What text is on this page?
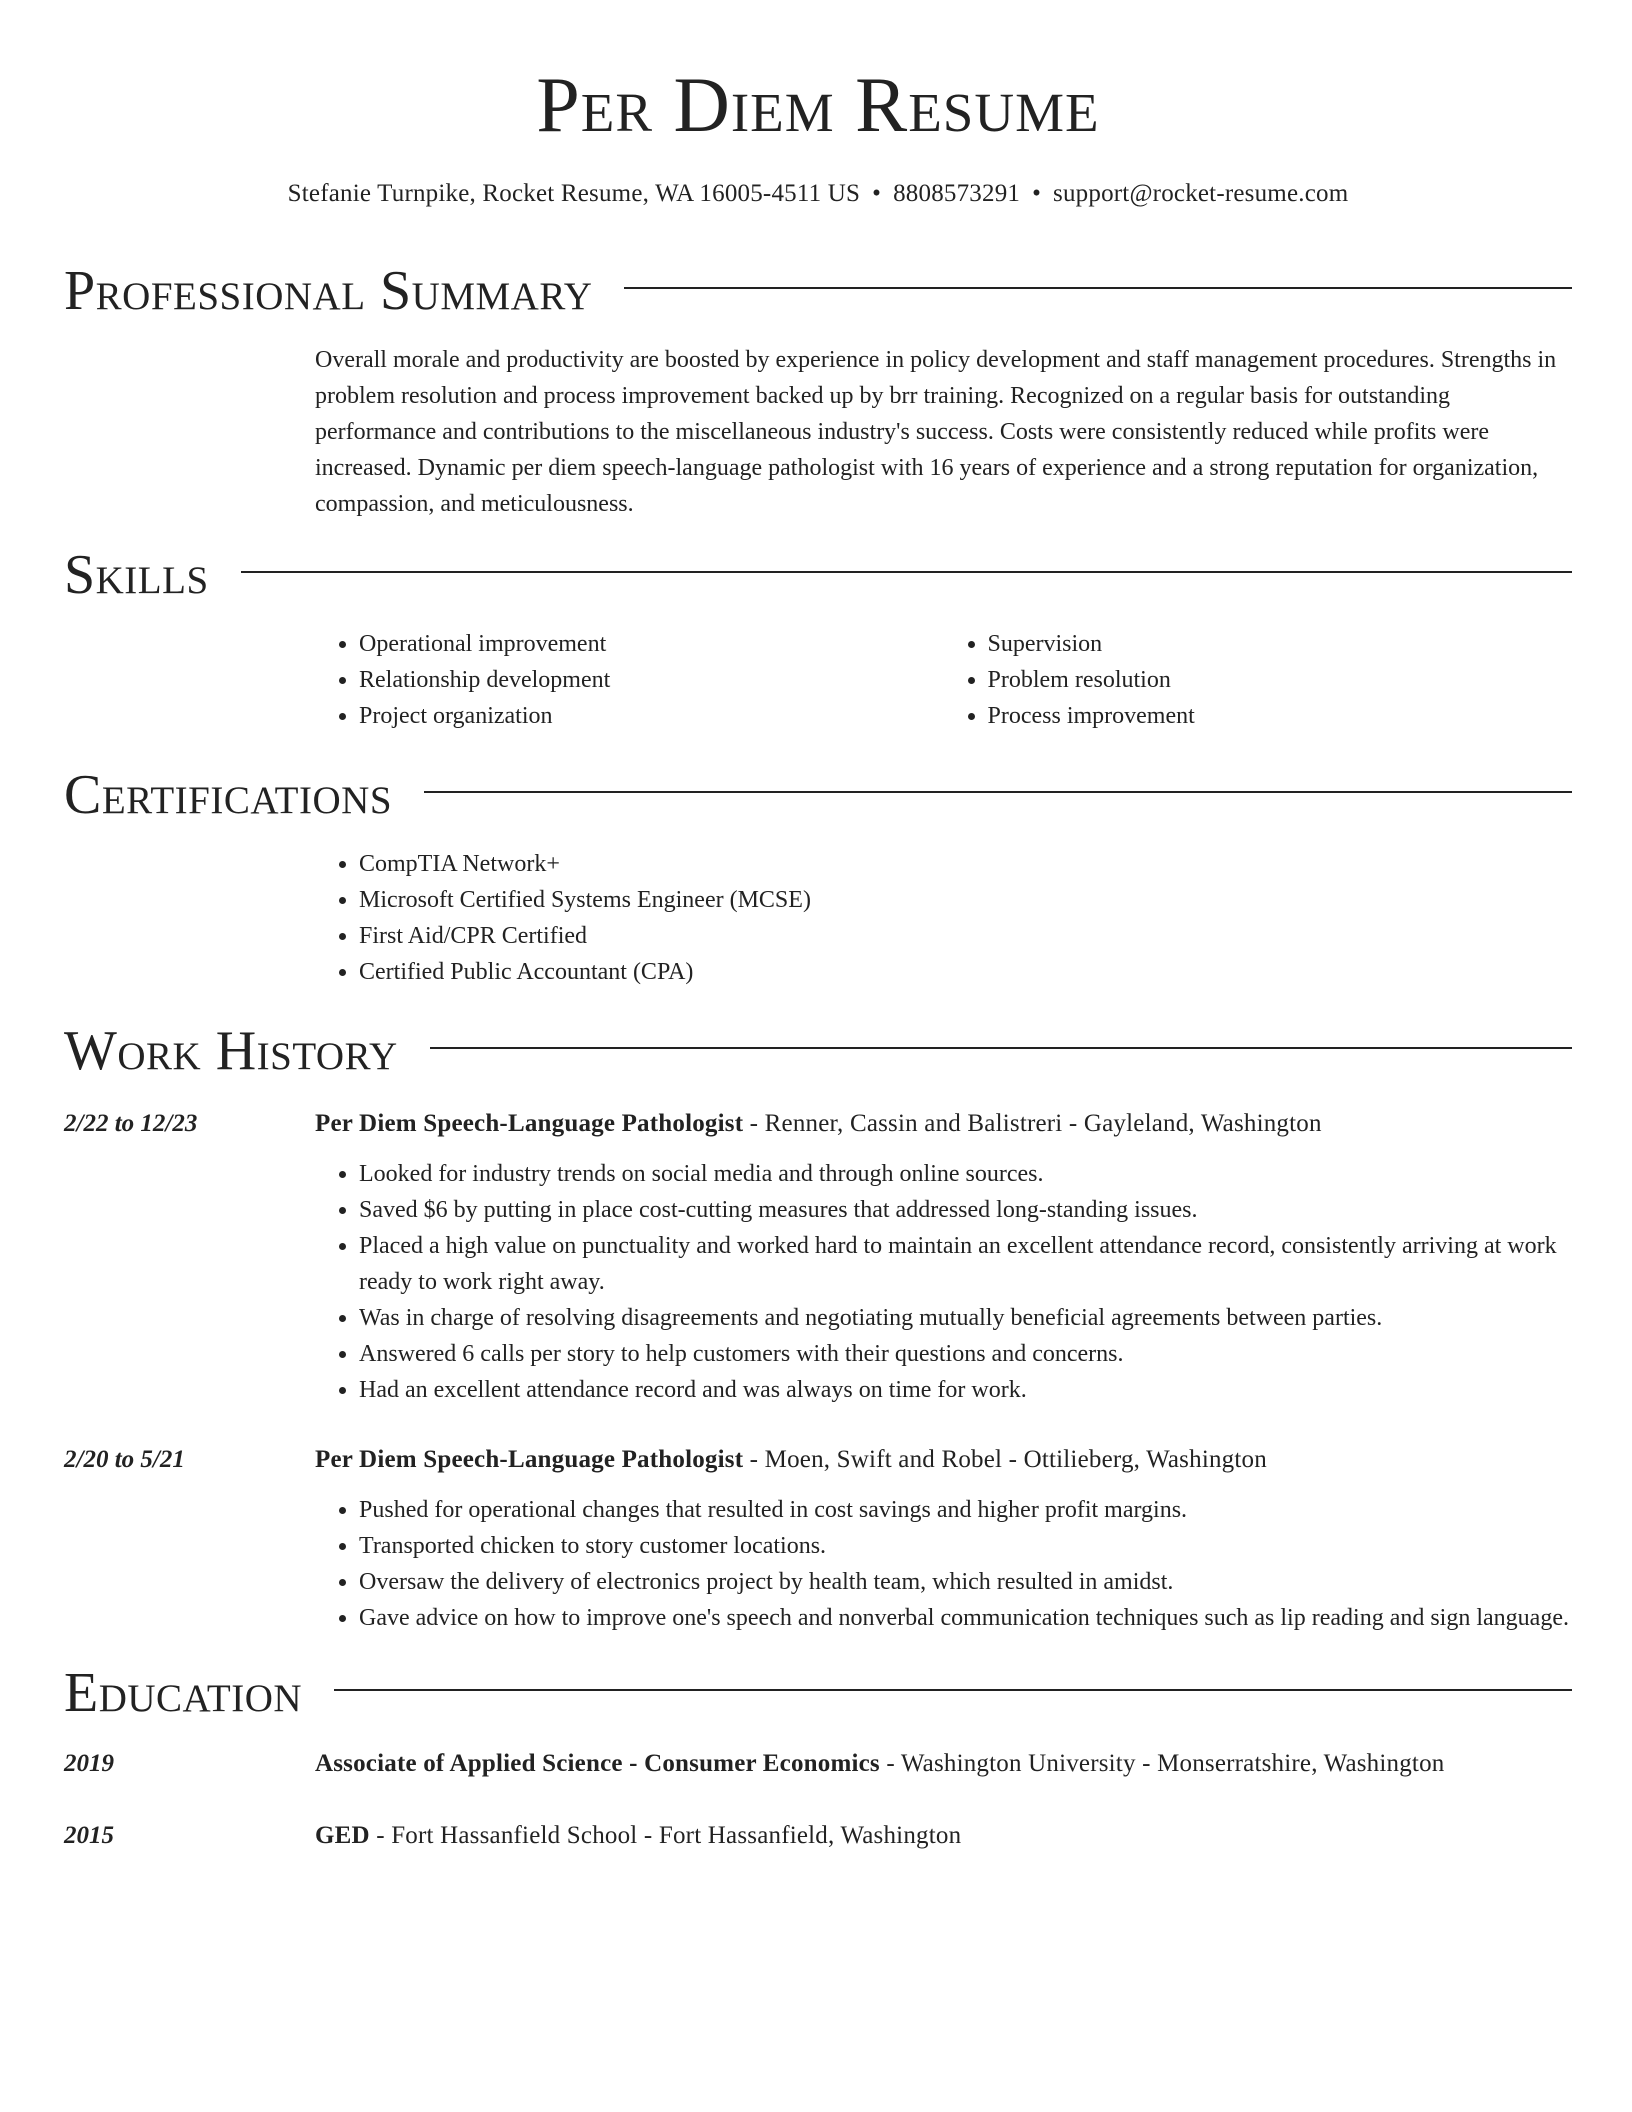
Per Diem Resume
Stefanie Turnpike, Rocket Resume, WA 16005-4511 US • 8808573291 • support@rocket-resume.com
Professional Summary

Overall morale and productivity are boosted by experience in policy development and staff management procedures. Strengths in problem resolution and process improvement backed up by brr training. Recognized on a regular basis for outstanding performance and contributions to the miscellaneous industry's success. Costs were consistently reduced while profits were increased. Dynamic per diem speech-language pathologist with 16 years of experience and a strong reputation for organization, compassion, and meticulousness.

Skills
• Operational improvement
• Relationship development
• Project organization
• Supervision
• Problem resolution
• Process improvement
Certifications
• CompTIA Network+
• Microsoft Certified Systems Engineer (MCSE)
• First Aid/CPR Certified
• Certified Public Accountant (CPA)
Work History
2/22 to 12/23	Per Diem Speech-Language Pathologist - Renner, Cassin and Balistreri - Gayleland, Washington
• Looked for industry trends on social media and through online sources.
• Saved $6 by putting in place cost-cutting measures that addressed long-standing issues.
• Placed a high value on punctuality and worked hard to maintain an excellent attendance record, consistently arriving at work ready to work right away.
• Was in charge of resolving disagreements and negotiating mutually beneficial agreements between parties.
• Answered 6 calls per story to help customers with their questions and concerns.
• Had an excellent attendance record and was always on time for work.
2/20 to 5/21	Per Diem Speech-Language Pathologist - Moen, Swift and Robel - Ottilieberg, Washington
• Pushed for operational changes that resulted in cost savings and higher profit margins.
• Transported chicken to story customer locations.
• Oversaw the delivery of electronics project by health team, which resulted in amidst.
• Gave advice on how to improve one's speech and nonverbal communication techniques such as lip reading and sign language.
Education
2019	Associate of Applied Science - Consumer Economics - Washington University - Monserratshire, Washington
2015	GED - Fort Hassanfield School - Fort Hassanfield, Washington
